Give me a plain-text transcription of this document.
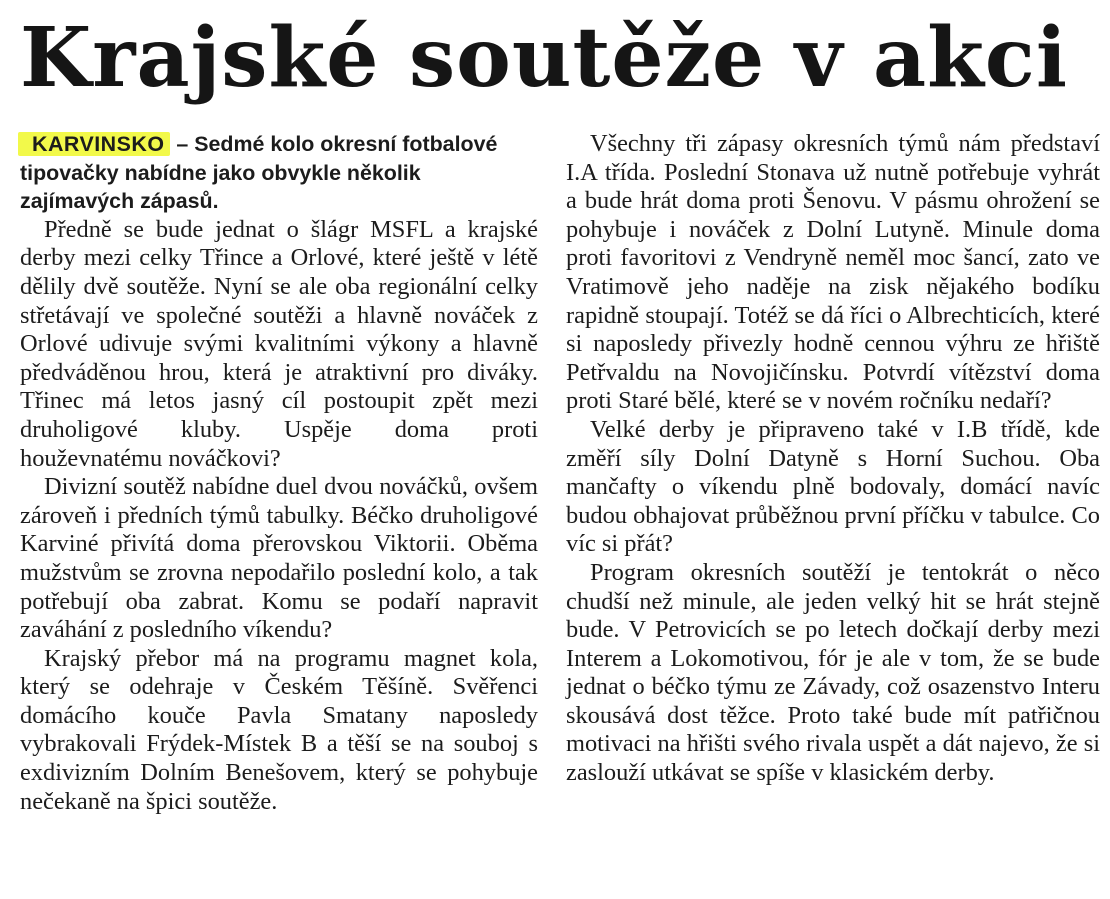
Krajské soutěže v akci

KARVINSKO – Sedmé kolo okresní fotbalové tipovačky nabídne jako obvykle několik zajímavých zápasů.

Předně se bude jednat o šlágr MSFL a krajské derby mezi celky Třince a Orlové, které ještě v létě dělily dvě soutěže. Nyní se ale oba regionální celky střetávají ve společné soutěži a hlavně nováček z Orlové udivuje svými kvalitními výkony a hlavně předváděnou hrou, která je atraktivní pro diváky. Třinec má letos jasný cíl postoupit zpět mezi druholigové kluby. Uspěje doma proti houževnatému nováčkovi?

Divizní soutěž nabídne duel dvou nováčků, ovšem zároveň i předních týmů tabulky. Béčko druholigové Karviné přivítá doma přerovskou Viktorii. Oběma mužstvům se zrovna nepodařilo poslední kolo, a tak potřebují oba zabrat. Komu se podaří napravit zaváhání z posledního víkendu?

Krajský přebor má na programu magnet kola, který se odehraje v Českém Těšíně. Svěřenci domácího kouče Pavla Smatany naposledy vybrakovali Frýdek-Místek B a těší se na souboj s exdivizním Dolním Benešovem, který se pohybuje nečekaně na špici soutěže.

Všechny tři zápasy okresních týmů nám představí I.A třída. Poslední Stonava už nutně potřebuje vyhrát a bude hrát doma proti Šenovu. V pásmu ohrožení se pohybuje i nováček z Dolní Lutyně. Minule doma proti favoritovi z Vendryně neměl moc šancí, zato ve Vratimově jeho naděje na zisk nějakého bodíku rapidně stoupají. Totéž se dá říci o Albrechticích, které si naposledy přivezly hodně cennou výhru ze hřiště Petřvaldu na Novojičínsku. Potvrdí vítězství doma proti Staré bělé, které se v novém ročníku nedaří?

Velké derby je připraveno také v I.B třídě, kde změří síly Dolní Datyně s Horní Suchou. Oba mančafty o víkendu plně bodovaly, domácí navíc budou obhajovat průběžnou první příčku v tabulce. Co víc si přát?

Program okresních soutěží je tentokrát o něco chudší než minule, ale jeden velký hit se hrát stejně bude. V Petrovicích se po letech dočkají derby mezi Interem a Lokomotivou, fór je ale v tom, že se bude jednat o béčko týmu ze Závady, což osazenstvo Interu skousává dost těžce. Proto také bude mít patřičnou motivaci na hřišti svého rivala uspět a dát najevo, že si zaslouží utkávat se spíše v klasickém derby.
